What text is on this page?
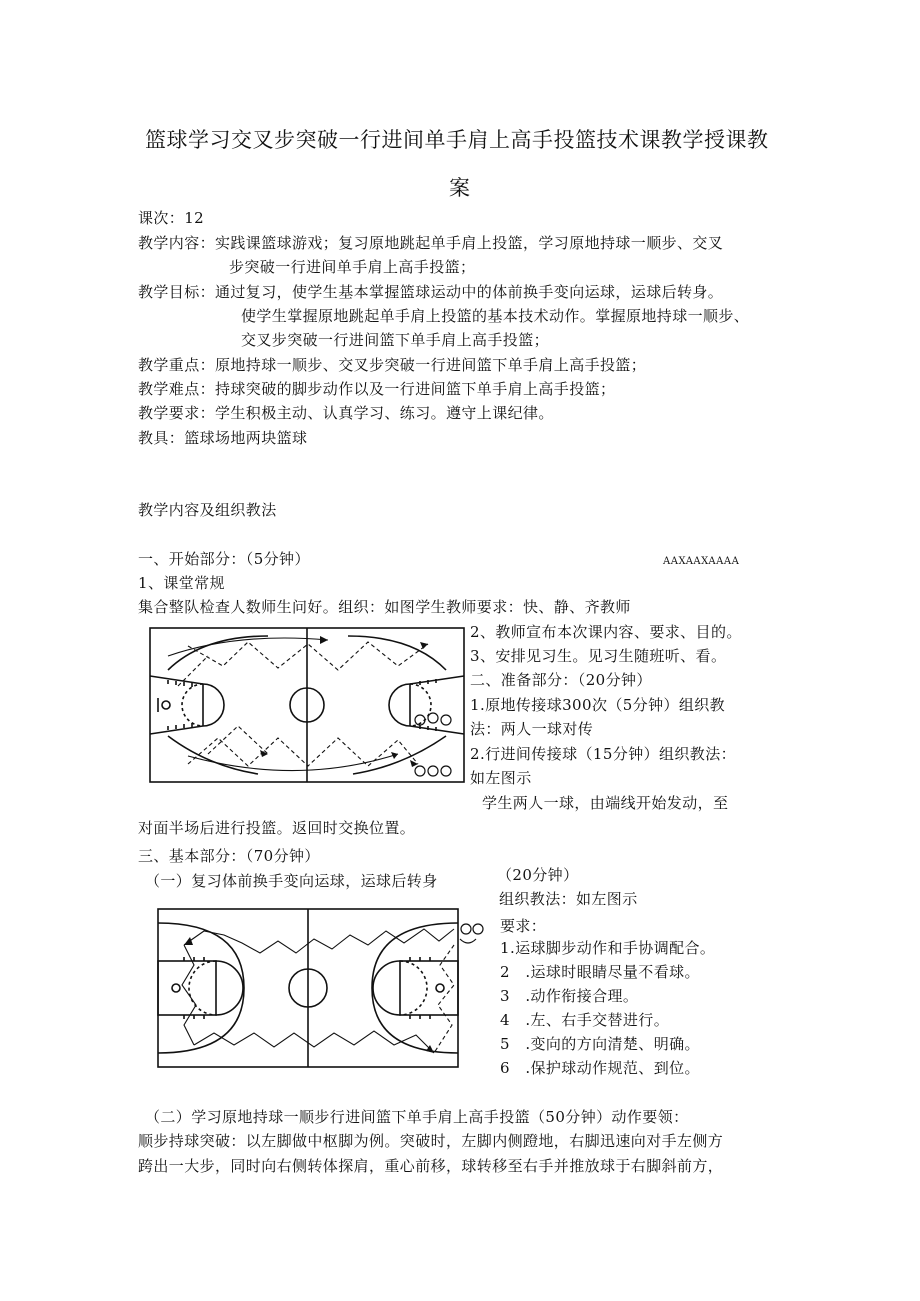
篮球学习交叉步突破一行进间单手肩上高手投篮技术课教学授课教
案
课次：12
教学内容：实践课篮球游戏；复习原地跳起单手肩上投篮，学习原地持球一顺步、交叉
步突破一行进间单手肩上高手投篮；
教学目标：通过复习，使学生基本掌握篮球运动中的体前换手变向运球，运球后转身。
使学生掌握原地跳起单手肩上投篮的基本技术动作。掌握原地持球一顺步、
交叉步突破一行进间篮下单手肩上高手投篮；
教学重点：原地持球一顺步、交叉步突破一行进间篮下单手肩上高手投篮；
教学难点：持球突破的脚步动作以及一行进间篮下单手肩上高手投篮；
教学要求：学生积极主动、认真学习、练习。遵守上课纪律。
教具：篮球场地两块篮球
教学内容及组织教法
一、开始部分：（5分钟）	AAXAAXAAAA
1、课堂常规
集合整队检查人数师生问好。组织：如图学生教师要求：快、静、齐教师
2、教师宣布本次课内容、要求、目的。
3、安排见习生。见习生随班听、看。
二、准备部分：（20分钟）
1.原地传接球300次（5分钟）组织教
法：两人一球对传
2.行进间传接球（15分钟）组织教法：
如左图示
学生两人一球，由端线开始发动，至
对面半场后进行投篮。返回时交换位置。
三、基本部分：（70分钟）
（一）复习体前换手变向运球，运球后转身	（20分钟）
组织教法：如左图示
要求：
1.运球脚步动作和手协调配合。
2　.运球时眼睛尽量不看球。
3　.动作衔接合理。
4　.左、右手交替进行。
5　.变向的方向清楚、明确。
6　.保护球动作规范、到位。
（二）学习原地持球一顺步行进间篮下单手肩上高手投篮（50分钟）动作要领：
顺步持球突破：以左脚做中枢脚为例。突破时，左脚内侧蹬地，右脚迅速向对手左侧方
跨出一大步，同时向右侧转体探肩，重心前移，球转移至右手并推放球于右脚斜前方，
